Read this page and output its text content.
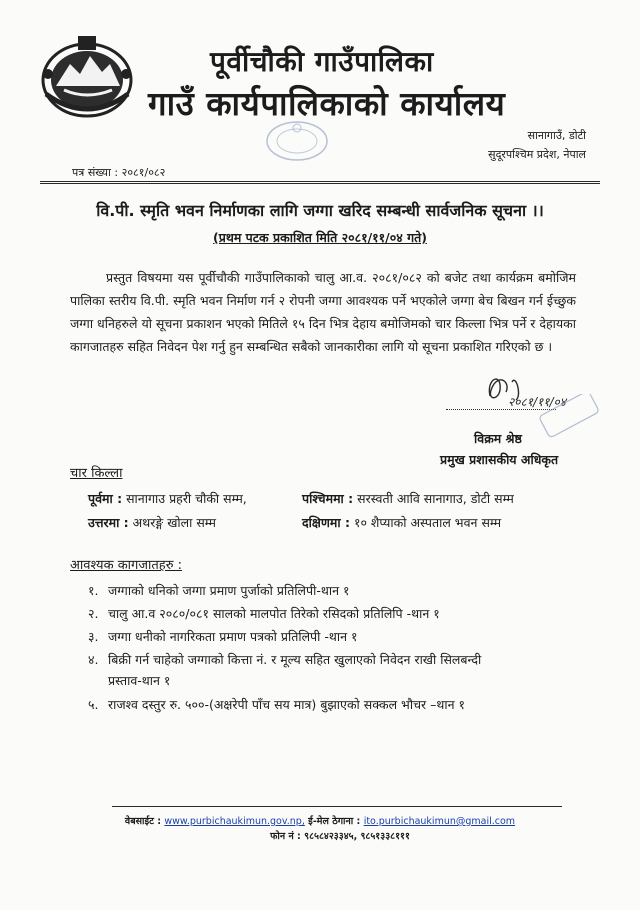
पूर्वीचौकी गाउँपालिका
गाउँ कार्यपालिकाको कार्यालय
सानागाउँ, डोटी
सुदूरपश्चिम प्रदेश, नेपाल
पत्र संख्या : २०८१/०८२
वि.पी. स्मृति भवन निर्माणका लागि जग्गा खरिद सम्बन्धी सार्वजनिक सूचना ।।
(प्रथम पटक प्रकाशित मिति २०८१/११/०४ गते)
प्रस्तुत विषयमा यस पूर्वीचौकी गाउँपालिकाको चालु आ.व. २०८१/०८२ को बजेट तथा कार्यक्रम बमोजिम पालिका स्तरीय वि.पी. स्मृति भवन निर्माण गर्न २ रोपनी जग्गा आवश्यक पर्ने भएकोले जग्गा बेच बिखन गर्न ईच्छुक जग्गा धनिहरुले यो सूचना प्रकाशन भएको मितिले १५ दिन भित्र देहाय बमोजिमको चार किल्ला भित्र पर्ने र देहायका कागजातहरु सहित निवेदन पेश गर्नु हुन सम्बन्धित सबैको जानकारीका लागि यो सूचना प्रकाशित गरिएको छ ।
२०८१/११/०४
विक्रम श्रेष्ठ
प्रमुख प्रशासकीय अधिकृत
चार किल्ला
पूर्वमा : सानागाउ प्रहरी चौकी सम्म,	पश्चिममा : सरस्वती आवि सानागाउ, डोटी सम्म
उत्तरमा : अथरङ्गे खोला सम्म	दक्षिणमा : १० शैप्याको अस्पताल भवन सम्म
आवश्यक कागजातहरु :
१. जग्गाको धनिको जग्गा प्रमाण पुर्जाको प्रतिलिपी-थान १
२. चालु आ.व २०८०/०८१ सालको मालपोत तिरेको रसिदको प्रतिलिपि -थान १
३. जग्गा धनीको नागरिकता प्रमाण पत्रको प्रतिलिपी -थान १
४. बिक्री गर्न चाहेको जग्गाको कित्ता नं. र मूल्य सहित खुलाएको निवेदन राखी सिलबन्दी
प्रस्ताव-थान १
५. राजश्व दस्तुर रु. ५००-(अक्षरेपी पाँच सय मात्र) बुझाएको सक्कल भौचर –थान १
वेबसाईट : www.purbichaukimun.gov.np, ई-मेल ठेगाना : ito.purbichaukimun@gmail.com
फोन नं : ९८५८४२३३४५, ९८५१३३८१११
